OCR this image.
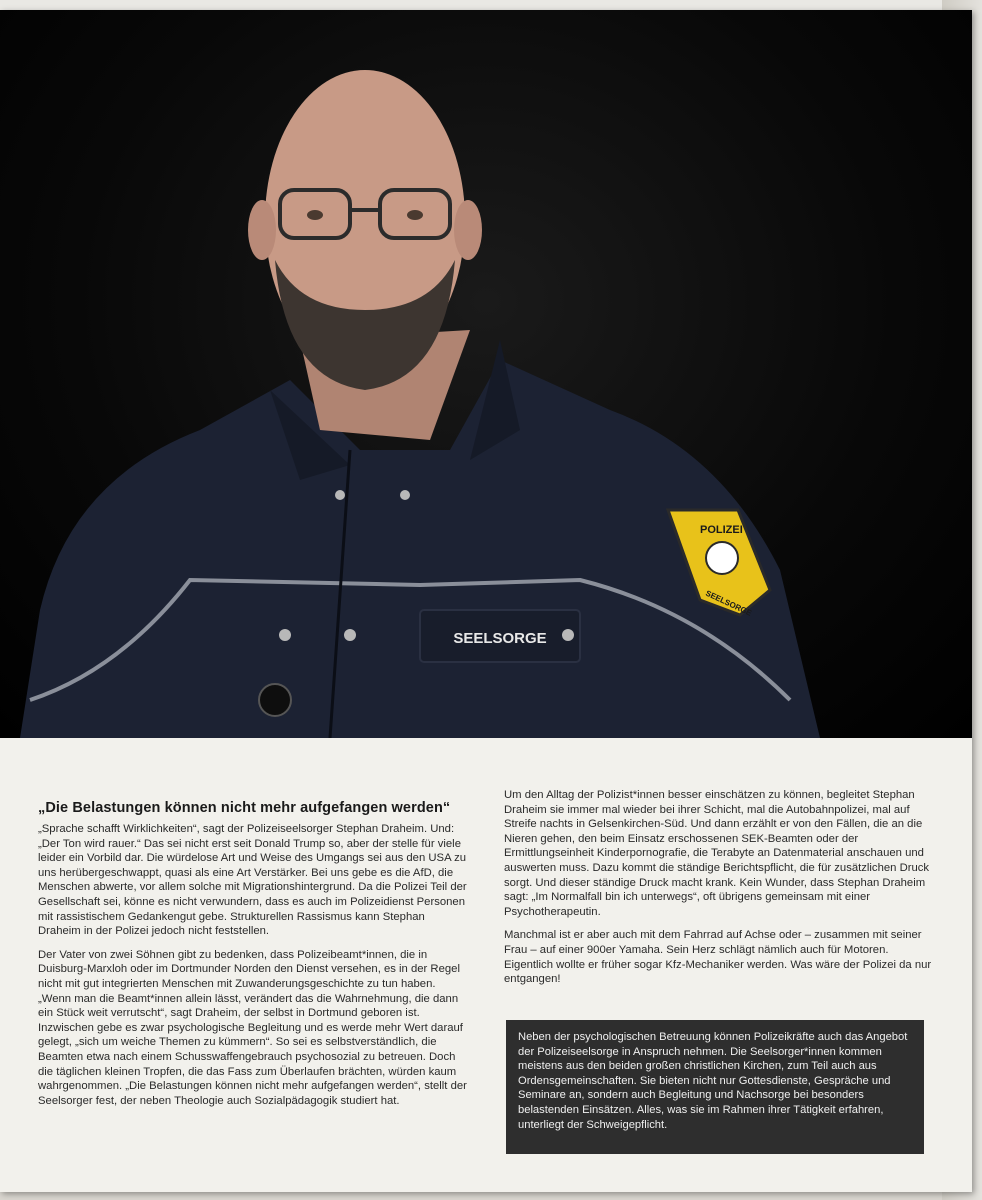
SEELSORGE
POLIZEI
SEELSORGE
„Die Belastungen können nicht mehr aufgefangen werden“

„Sprache schafft Wirklichkeiten“, sagt der Polizeiseelsorger Stephan Draheim. Und: „Der Ton wird rauer.“ Das sei nicht erst seit Donald Trump so, aber der stelle für viele leider ein Vorbild dar. Die würdelose Art und Weise des Umgangs sei aus den USA zu uns herübergeschwappt, quasi als eine Art Verstärker. Bei uns gebe es die AfD, die Menschen abwerte, vor allem solche mit Migrationshintergrund. Da die Polizei Teil der Gesellschaft sei, könne es nicht verwundern, dass es auch im Polizeidienst Personen mit rassistischem Gedankengut gebe. Strukturellen Rassismus kann Stephan Draheim in der Polizei jedoch nicht feststellen.

Der Vater von zwei Söhnen gibt zu bedenken, dass Polizeibeamt*innen, die in Duisburg-Marxloh oder im Dortmunder Norden den Dienst versehen, es in der Regel nicht mit gut integrierten Menschen mit Zuwanderungsgeschichte zu tun haben. „Wenn man die Beamt*innen allein lässt, verändert das die Wahrnehmung, die dann ein Stück weit verrutscht“, sagt Draheim, der selbst in Dortmund geboren ist. Inzwischen gebe es zwar psychologische Begleitung und es werde mehr Wert darauf gelegt, „sich um weiche Themen zu kümmern“. So sei es selbstverständlich, die Beamten etwa nach einem Schusswaffengebrauch psychosozial zu betreuen. Doch die täglichen kleinen Tropfen, die das Fass zum Überlaufen brächten, würden kaum wahrgenommen. „Die Belastungen können nicht mehr aufgefangen werden“, stellt der Seelsorger fest, der neben Theologie auch Sozialpädagogik studiert hat.

Um den Alltag der Polizist*innen besser einschätzen zu können, begleitet Stephan Draheim sie immer mal wieder bei ihrer Schicht, mal die Autobahnpolizei, mal auf Streife nachts in Gelsenkirchen-Süd. Und dann erzählt er von den Fällen, die an die Nieren gehen, den beim Einsatz erschossenen SEK-Beamten oder der Ermittlungseinheit Kinderpornografie, die Terabyte an Datenmaterial anschauen und auswerten muss. Dazu kommt die ständige Berichtspflicht, die für zusätzlichen Druck sorgt. Und dieser ständige Druck macht krank. Kein Wunder, dass Stephan Draheim sagt: „Im Normalfall bin ich unterwegs“, oft übrigens gemeinsam mit einer Psychotherapeutin.

Manchmal ist er aber auch mit dem Fahrrad auf Achse oder – zusammen mit seiner Frau – auf einer 900er Yamaha. Sein Herz schlägt nämlich auch für Motoren. Eigentlich wollte er früher sogar Kfz-Mechaniker werden. Was wäre der Polizei da nur entgangen!

Neben der psychologischen Betreuung können Polizeikräfte auch das Angebot der Polizeiseelsorge in Anspruch nehmen. Die Seelsorger*innen kommen meistens aus den beiden großen christlichen Kirchen, zum Teil auch aus Ordensgemeinschaften. Sie bieten nicht nur Gottesdienste, Gespräche und Seminare an, sondern auch Begleitung und Nachsorge bei besonders belastenden Einsätzen. Alles, was sie im Rahmen ihrer Tätigkeit erfahren, unterliegt der Schweigepflicht.
